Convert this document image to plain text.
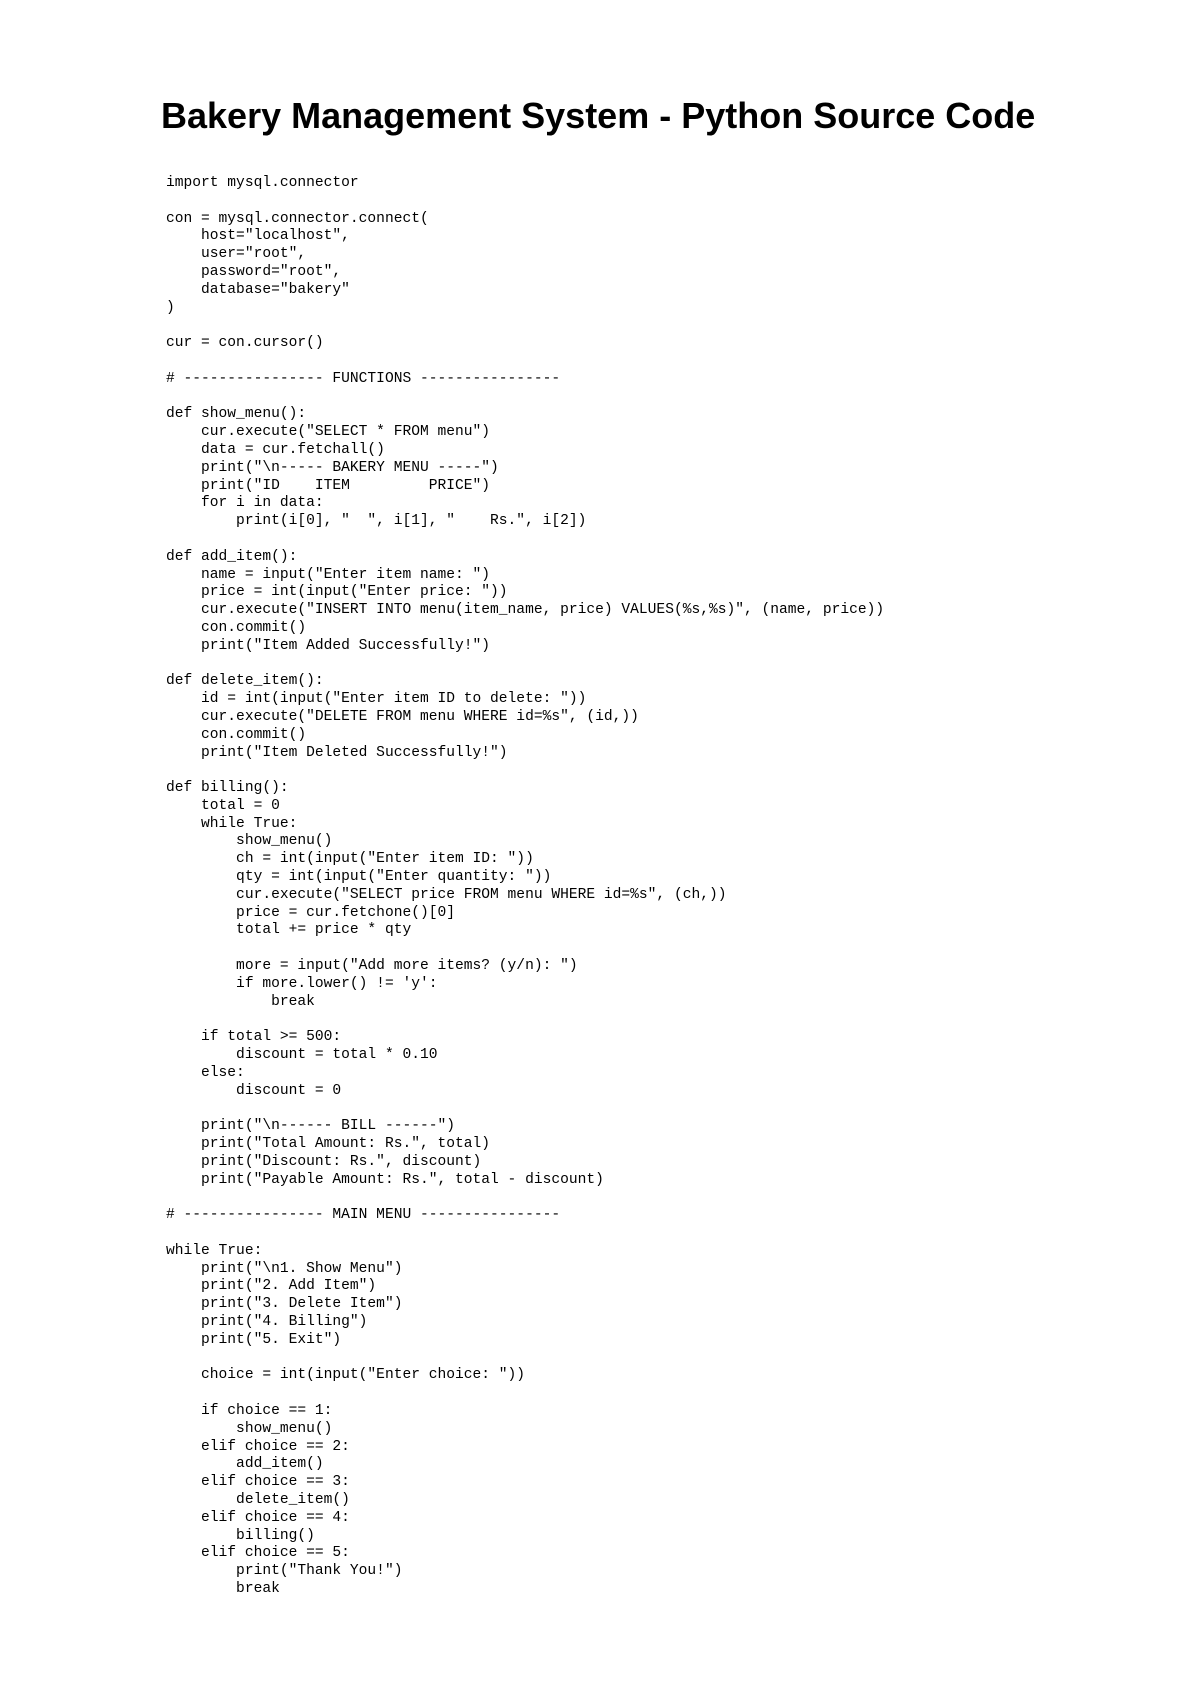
Bakery Management System - Python Source Code
import mysql.connector
con = mysql.connector.connect(
host="localhost",
user="root",
password="root",
database="bakery"
)
cur = con.cursor()
# ---------------- FUNCTIONS ----------------
def show_menu():
cur.execute("SELECT * FROM menu")
data = cur.fetchall()
print("\n----- BAKERY MENU -----")
print("ID    ITEM         PRICE")
for i in data:
print(i[0], "  ", i[1], "    Rs.", i[2])
def add_item():
name = input("Enter item name: ")
price = int(input("Enter price: "))
cur.execute("INSERT INTO menu(item_name, price) VALUES(%s,%s)", (name, price))
con.commit()
print("Item Added Successfully!")
def delete_item():
id = int(input("Enter item ID to delete: "))
cur.execute("DELETE FROM menu WHERE id=%s", (id,))
con.commit()
print("Item Deleted Successfully!")
def billing():
total = 0
while True:
show_menu()
ch = int(input("Enter item ID: "))
qty = int(input("Enter quantity: "))
cur.execute("SELECT price FROM menu WHERE id=%s", (ch,))
price = cur.fetchone()[0]
total += price * qty
more = input("Add more items? (y/n): ")
if more.lower() != 'y':
break
if total >= 500:
discount = total * 0.10
else:
discount = 0
print("\n------ BILL ------")
print("Total Amount: Rs.", total)
print("Discount: Rs.", discount)
print("Payable Amount: Rs.", total - discount)
# ---------------- MAIN MENU ----------------
while True:
print("\n1. Show Menu")
print("2. Add Item")
print("3. Delete Item")
print("4. Billing")
print("5. Exit")
choice = int(input("Enter choice: "))
if choice == 1:
show_menu()
elif choice == 2:
add_item()
elif choice == 3:
delete_item()
elif choice == 4:
billing()
elif choice == 5:
print("Thank You!")
break
